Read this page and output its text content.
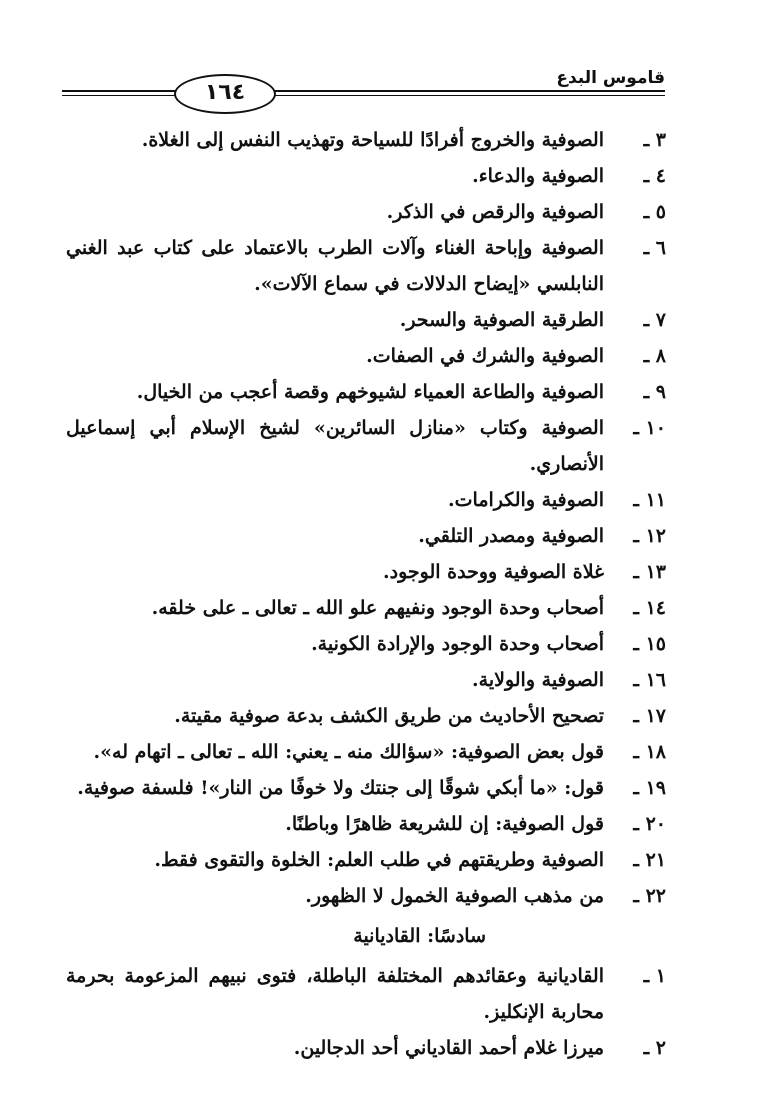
قاموس البدع
١٦٤
٣ ـ
الصوفية والخروج أفرادًا للسياحة وتهذيب النفس إلى الغلاة.
٤ ـ
الصوفية والدعاء.
٥ ـ
الصوفية والرقص في الذكر.
٦ ـ
الصوفية وإباحة الغناء وآلات الطرب بالاعتماد على كتاب عبد الغني النابلسي «إيضاح الدلالات في سماع الآلات».
٧ ـ
الطرقية الصوفية والسحر.
٨ ـ
الصوفية والشرك في الصفات.
٩ ـ
الصوفية والطاعة العمياء لشيوخهم وقصة أعجب من الخيال.
١٠ ـ
الصوفية وكتاب «منازل السائرين» لشيخ الإسلام أبي إسماعيل الأنصاري.
١١ ـ
الصوفية والكرامات.
١٢ ـ
الصوفية ومصدر التلقي.
١٣ ـ
غلاة الصوفية ووحدة الوجود.
١٤ ـ
أصحاب وحدة الوجود ونفيهم علو الله ـ تعالى ـ على خلقه.
١٥ ـ
أصحاب وحدة الوجود والإرادة الكونية.
١٦ ـ
الصوفية والولاية.
١٧ ـ
تصحيح الأحاديث من طريق الكشف بدعة صوفية مقيتة.
١٨ ـ
قول بعض الصوفية: «سؤالك منه ـ يعني: الله ـ تعالى ـ اتهام له».
١٩ ـ
قول: «ما أبكي شوقًا إلى جنتك ولا خوفًا من النار»! فلسفة صوفية.
٢٠ ـ
قول الصوفية: إن للشريعة ظاهرًا وباطنًا.
٢١ ـ
الصوفية وطريقتهم في طلب العلم: الخلوة والتقوى فقط.
٢٢ ـ
من مذهب الصوفية الخمول لا الظهور.
سادسًا: القاديانية
١ ـ
القاديانية وعقائدهم المختلفة الباطلة، فتوى نبيهم المزعومة بحرمة محاربة الإنكليز.
٢ ـ
ميرزا غلام أحمد القادياني أحد الدجالين.
